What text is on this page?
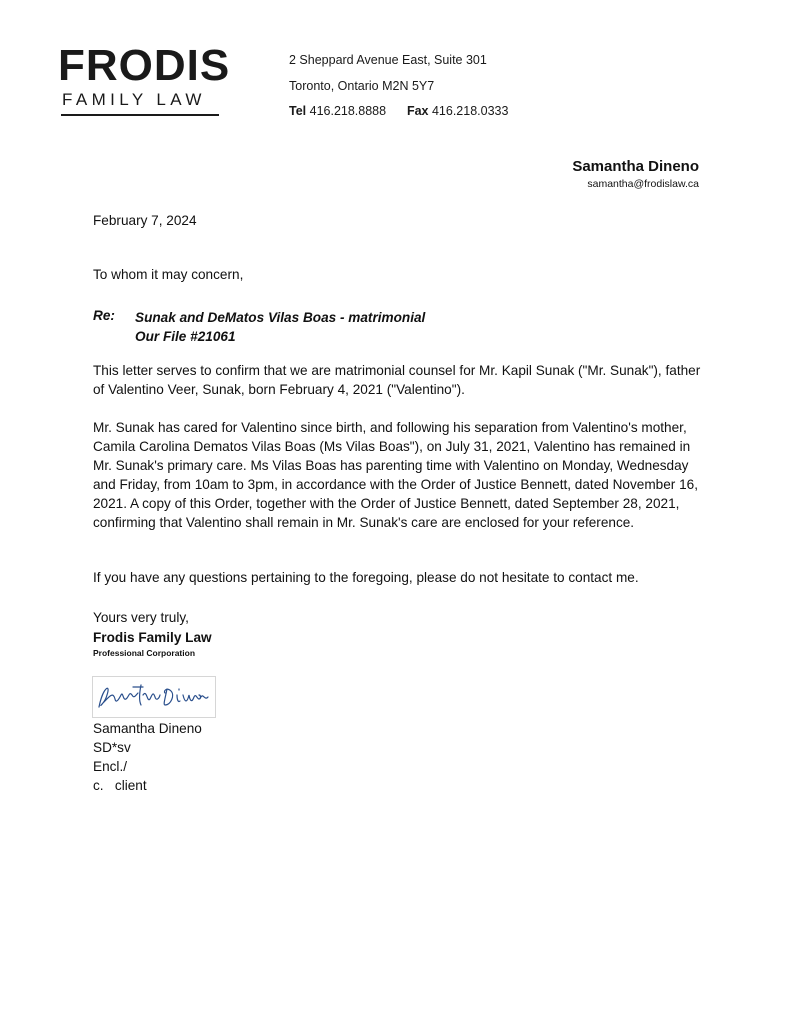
FRODIS
FAMILY LAW
2 Sheppard Avenue East, Suite 301
Toronto, Ontario M2N 5Y7
Tel 416.218.8888 Fax 416.218.0333
Samantha Dineno
samantha@frodislaw.ca
February 7, 2024
To whom it may concern,
Re: Sunak and DeMatos Vilas Boas - matrimonial
Our File #21061
This letter serves to confirm that we are matrimonial counsel for Mr. Kapil Sunak ("Mr. Sunak"), father of Valentino Veer, Sunak, born February 4, 2021 ("Valentino").
Mr. Sunak has cared for Valentino since birth, and following his separation from Valentino's mother, Camila Carolina Dematos Vilas Boas (Ms Vilas Boas"), on July 31, 2021, Valentino has remained in Mr. Sunak's primary care. Ms Vilas Boas has parenting time with Valentino on Monday, Wednesday and Friday, from 10am to 3pm, in accordance with the Order of Justice Bennett, dated November 16, 2021. A copy of this Order, together with the Order of Justice Bennett, dated September 28, 2021, confirming that Valentino shall remain in Mr. Sunak's care are enclosed for your reference.
If you have any questions pertaining to the foregoing, please do not hesitate to contact me.
Yours very truly,
Frodis Family Law
Professional Corporation
Samantha Dineno
SD*sv
Encl./
c.   client
